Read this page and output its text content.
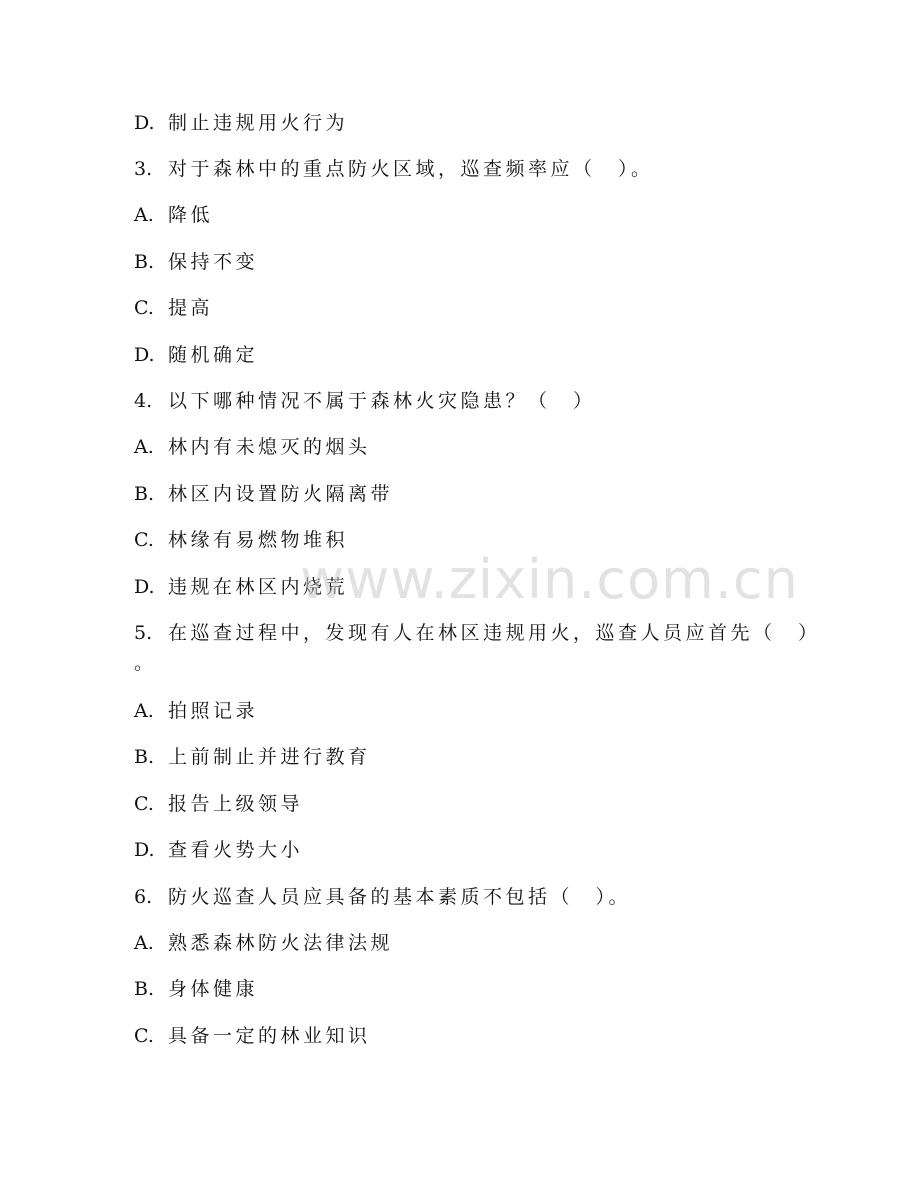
D. 制止违规用火行为
3. 对于森林中的重点防火区域，巡查频率应（　）。
A. 降低
B. 保持不变
C. 提高
D. 随机确定
4. 以下哪种情况不属于森林火灾隐患？（　）
A. 林内有未熄灭的烟头
B. 林区内设置防火隔离带
C. 林缘有易燃物堆积
D. 违规在林区内烧荒
5. 在巡查过程中，发现有人在林区违规用火，巡查人员应首先（　）
。
A. 拍照记录
B. 上前制止并进行教育
C. 报告上级领导
D. 查看火势大小
6. 防火巡查人员应具备的基本素质不包括（　）。
A. 熟悉森林防火法律法规
B. 身体健康
C. 具备一定的林业知识
www.zixin.com.cn
